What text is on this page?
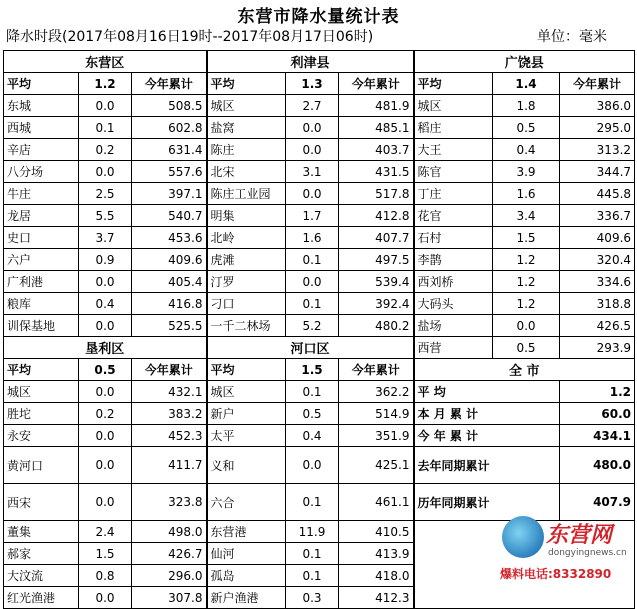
东营市降水量统计表
降水时段(2017年08月16日19时--2017年08月17日06时)	单位：毫米
东营区			利津县			广饶县		
平均	1.2	今年累计	平均	1.3	今年累计	平均	1.4	今年累计
东城	0.0	508.5	城区	2.7	481.9	城区	1.8	386.0
西城	0.1	602.8	盐窝	0.0	485.1	稻庄	0.5	295.0
辛店	0.2	631.4	陈庄	0.0	403.7	大王	0.4	313.2
八分场	0.0	557.6	北宋	3.1	431.5	陈官	3.9	344.7
牛庄	2.5	397.1	陈庄工业园	0.0	517.8	丁庄	1.6	445.8
龙居	5.5	540.7	明集	1.7	412.8	花官	3.4	336.7
史口	3.7	453.6	北岭	1.6	407.7	石村	1.5	409.6
六户	0.9	409.6	虎滩	0.1	497.5	李鹊	1.2	320.4
广利港	0.0	405.4	汀罗	0.0	539.4	西刘桥	1.2	334.6
粮库	0.4	416.8	刁口	0.1	392.4	大码头	1.2	318.8
训保基地	0.0	525.5	一千二林场	5.2	480.2	盐场	0.0	426.5
垦利区			河口区			西营	0.5	293.9
平均	0.5	今年累计	平均	1.5	今年累计	全 市		
城区	0.0	432.1	城区	0.1	362.2	平 均		1.2
胜坨	0.2	383.2	新户	0.5	514.9	本 月 累 计		60.0
永安	0.0	452.3	太平	0.4	351.9	今 年 累 计		434.1
黄河口	0.0	411.7	义和	0.0	425.1	去年同期累计		480.0
西宋	0.0	323.8	六合	0.1	461.1	历年同期累计		407.9
董集	2.4	498.0	东营港	11.9	410.5			
郝家	1.5	426.7	仙河	0.1	413.9			
大汶流	0.8	296.0	孤岛	0.1	418.0			
红光渔港	0.0	307.8	新户渔港	0.3	412.3			
东营网
dongyingnews.cn
爆料电话:8332890
